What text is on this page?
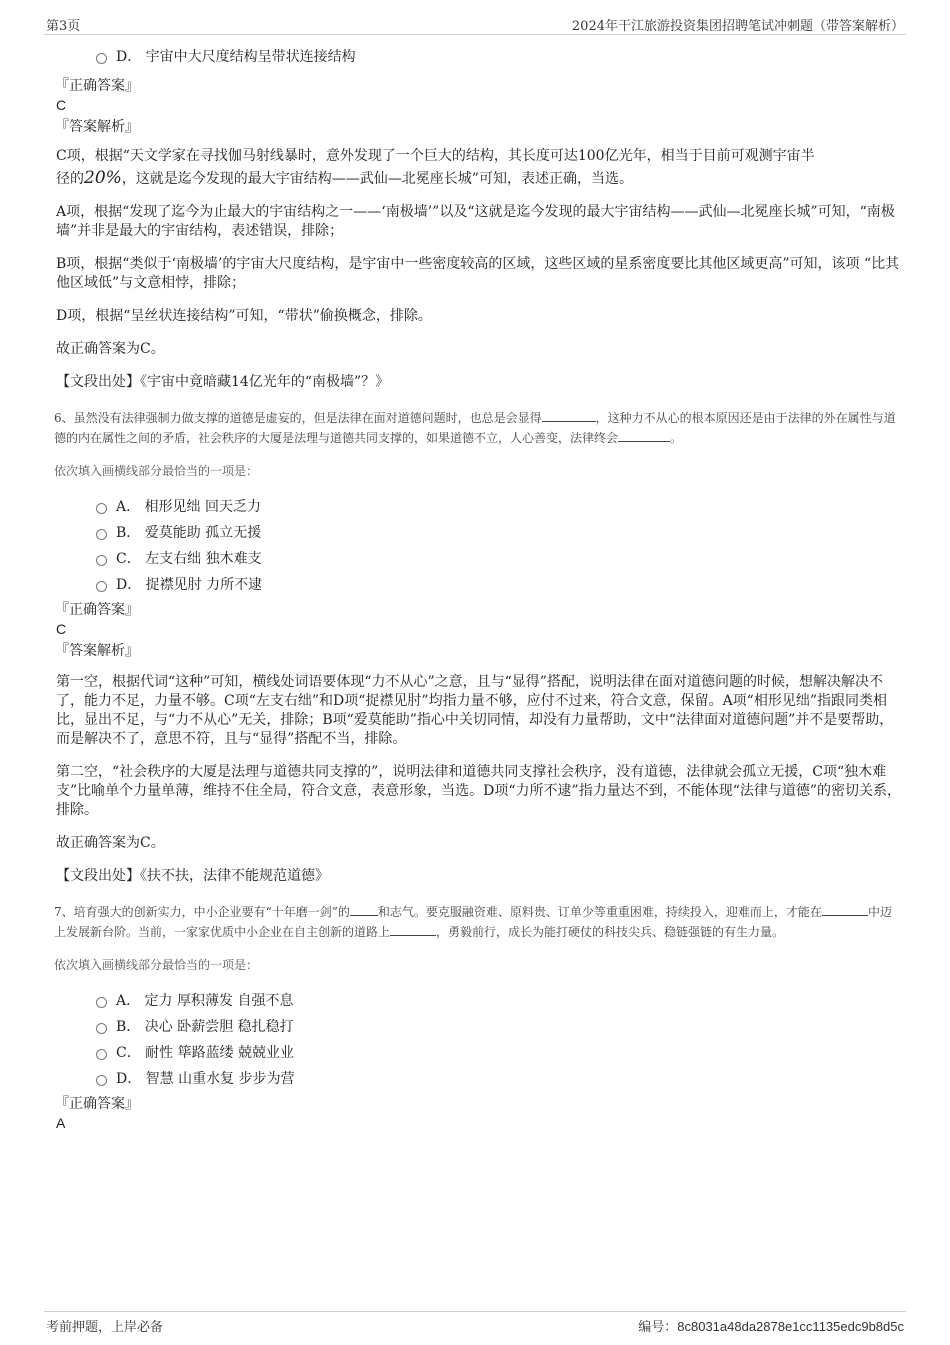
第3页	2024年干江旅游投资集团招聘笔试冲刺题（带答案解析）
D． 宇宙中大尺度结构呈带状连接结构
『正确答案』
C
『答案解析』

C项，根据“天文学家在寻找伽马射线暴时，意外发现了一个巨大的结构，其长度可达100亿光年，相当于目前可观测宇宙半

径的20%，这就是迄今发现的最大宇宙结构——武仙—北冕座长城”可知，表述正确，当选。

A项，根据“发现了迄今为止最大的宇宙结构之一——‘南极墙’”以及“这就是迄今发现的最大宇宙结构——武仙—北冕座长城”可知，“南极墙”并非是最大的宇宙结构，表述错误，排除；

B项，根据“类似于‘南极墙’的宇宙大尺度结构，是宇宙中一些密度较高的区域，这些区域的星系密度要比其他区域更高”可知，该项 “比其他区域低”与文意相悖，排除；

D项，根据“呈丝状连接结构”可知，“带状”偷换概念，排除。

故正确答案为C。

【文段出处】《宇宙中竟暗藏14亿光年的“南极墙”？》

6、虽然没有法律强制力做支撑的道德是虚妄的，但是法律在面对道德问题时，也总是会显得	，这种力不从心的根本原因还是由于法律的外在属性与道德的内在属性之间的矛盾，社会秩序的大厦是法理与道德共同支撑的，如果道德不立，人心善变，法律终会	。
依次填入画横线部分最恰当的一项是：
A． 相形见绌 回天乏力
B． 爱莫能助 孤立无援
C． 左支右绌 独木难支
D． 捉襟见肘 力所不逮
『正确答案』
C
『答案解析』

第一空，根据代词“这种”可知，横线处词语要体现“力不从心”之意，且与“显得”搭配，说明法律在面对道德问题的时候，想解决解决不了，能力不足，力量不够。C项“左支右绌”和D项“捉襟见肘”均指力量不够，应付不过来，符合文意，保留。A项“相形见绌”指跟同类相比，显出不足，与“力不从心”无关，排除；B项“爱莫能助”指心中关切同情，却没有力量帮助，文中“法律面对道德问题”并不是要帮助，而是解决不了，意思不符，且与“显得”搭配不当，排除。

第二空，“社会秩序的大厦是法理与道德共同支撑的”，说明法律和道德共同支撑社会秩序，没有道德，法律就会孤立无援，C项“独木难支”比喻单个力量单薄，维持不住全局，符合文意，表意形象，当选。D项“力所不逮”指力量达不到，不能体现“法律与道德”的密切关系，排除。

故正确答案为C。

【文段出处】《扶不扶，法律不能规范道德》

7、培育强大的创新实力，中小企业要有“十年磨一剑”的 和志气。要克服融资难、原料贵、订单少等重重困难，持续投入，迎难而上，才能在	中迈上发展新台阶。当前，一家家优质中小企业在自主创新的道路上	，勇毅前行，成长为能打硬仗的科技尖兵、稳链强链的有生力量。
依次填入画横线部分最恰当的一项是：
A． 定力 厚积薄发 自强不息
B． 决心 卧薪尝胆 稳扎稳打
C． 耐性 筚路蓝缕 兢兢业业
D． 智慧 山重水复 步步为营
『正确答案』
A
考前押题，上岸必备	编号：8c8031a48da2878e1cc1135edc9b8d5c
